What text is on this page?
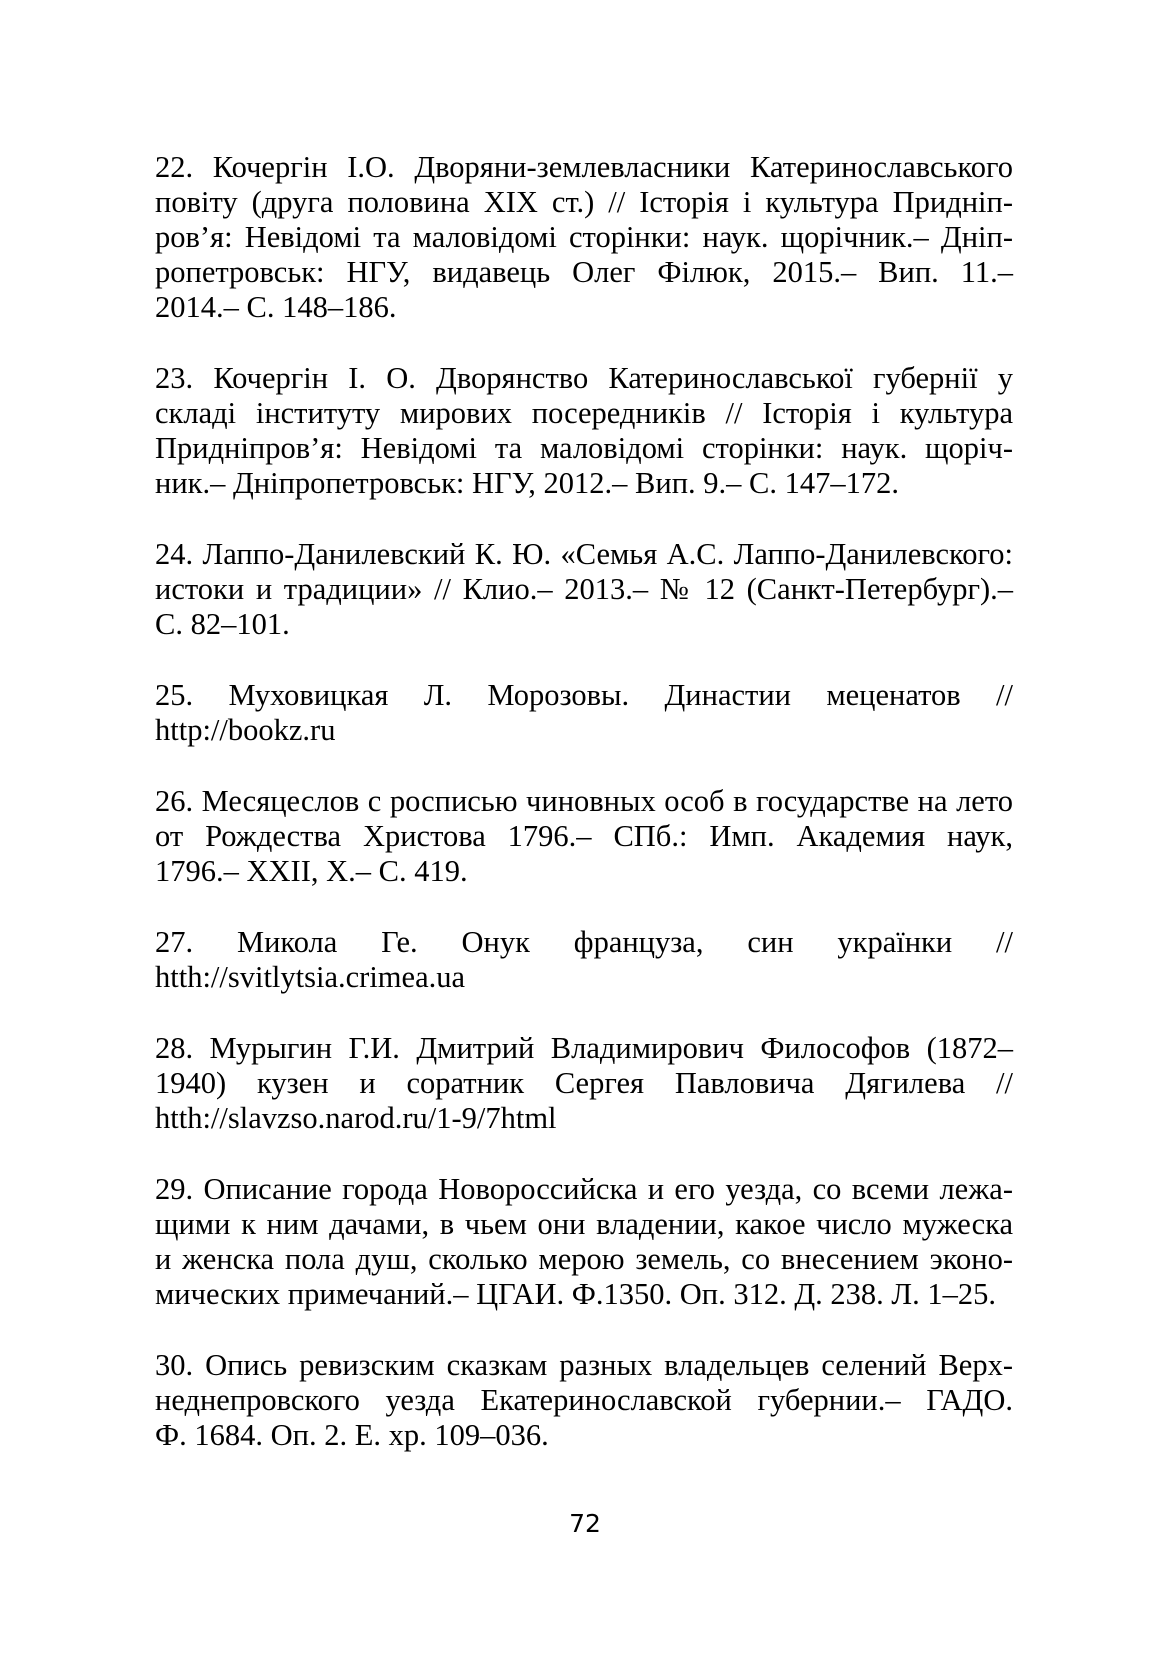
22. Кочергін І.О. Дворяни-землевласники Катеринославського
повіту (друга половина XIX ст.) // Історія і культура Придніп-
ров’я: Невідомі та маловідомі сторінки: наук. щорічник.– Дніп-
ропетровськ: НГУ, видавець Олег Філюк, 2015.– Вип. 11.–
2014.– С. 148–186.

23. Кочергін І. О. Дворянство Катеринославської губернії у
складі інституту мирових посередників // Історія і культура
Придніпров’я: Невідомі та маловідомі сторінки: наук. щоріч-
ник.– Дніпропетровськ: НГУ, 2012.– Вип. 9.– С. 147–172.

24. Лаппо-Данилевский К. Ю. «Семья А.С. Лаппо-Данилевского:
истоки и традиции» // Клио.– 2013.– № 12 (Санкт-Петербург).–
С. 82–101.

25. Муховицкая Л. Морозовы. Династии меценатов //
http://bookz.ru

26. Месяцеслов с росписью чиновных особ в государстве на лето
от Рождества Христова 1796.– СПб.: Имп. Академия наук,
1796.– XXII, X.– С. 419.

27. Микола Ге. Онук француза, син українки //
htth://svitlytsia.crimea.ua

28. Мурыгин Г.И. Дмитрий Владимирович Философов (1872–
1940) кузен и соратник Сергея Павловича Дягилева //
htth://slavzso.narod.ru/1-9/7html

29. Описание города Новороссийска и его уезда, со всеми лежа-
щими к ним дачами, в чьем они владении, какое число мужеска
и женска пола душ, сколько мерою земель, со внесением эконо-
мических примечаний.– ЦГАИ. Ф.1350. Оп. 312. Д. 238. Л. 1–25.

30. Опись ревизским сказкам разных владельцев селений Верх-
неднепровского уезда Екатеринославской губернии.– ГАДО.
Ф. 1684. Оп. 2. Е. хр. 109–036.

72
